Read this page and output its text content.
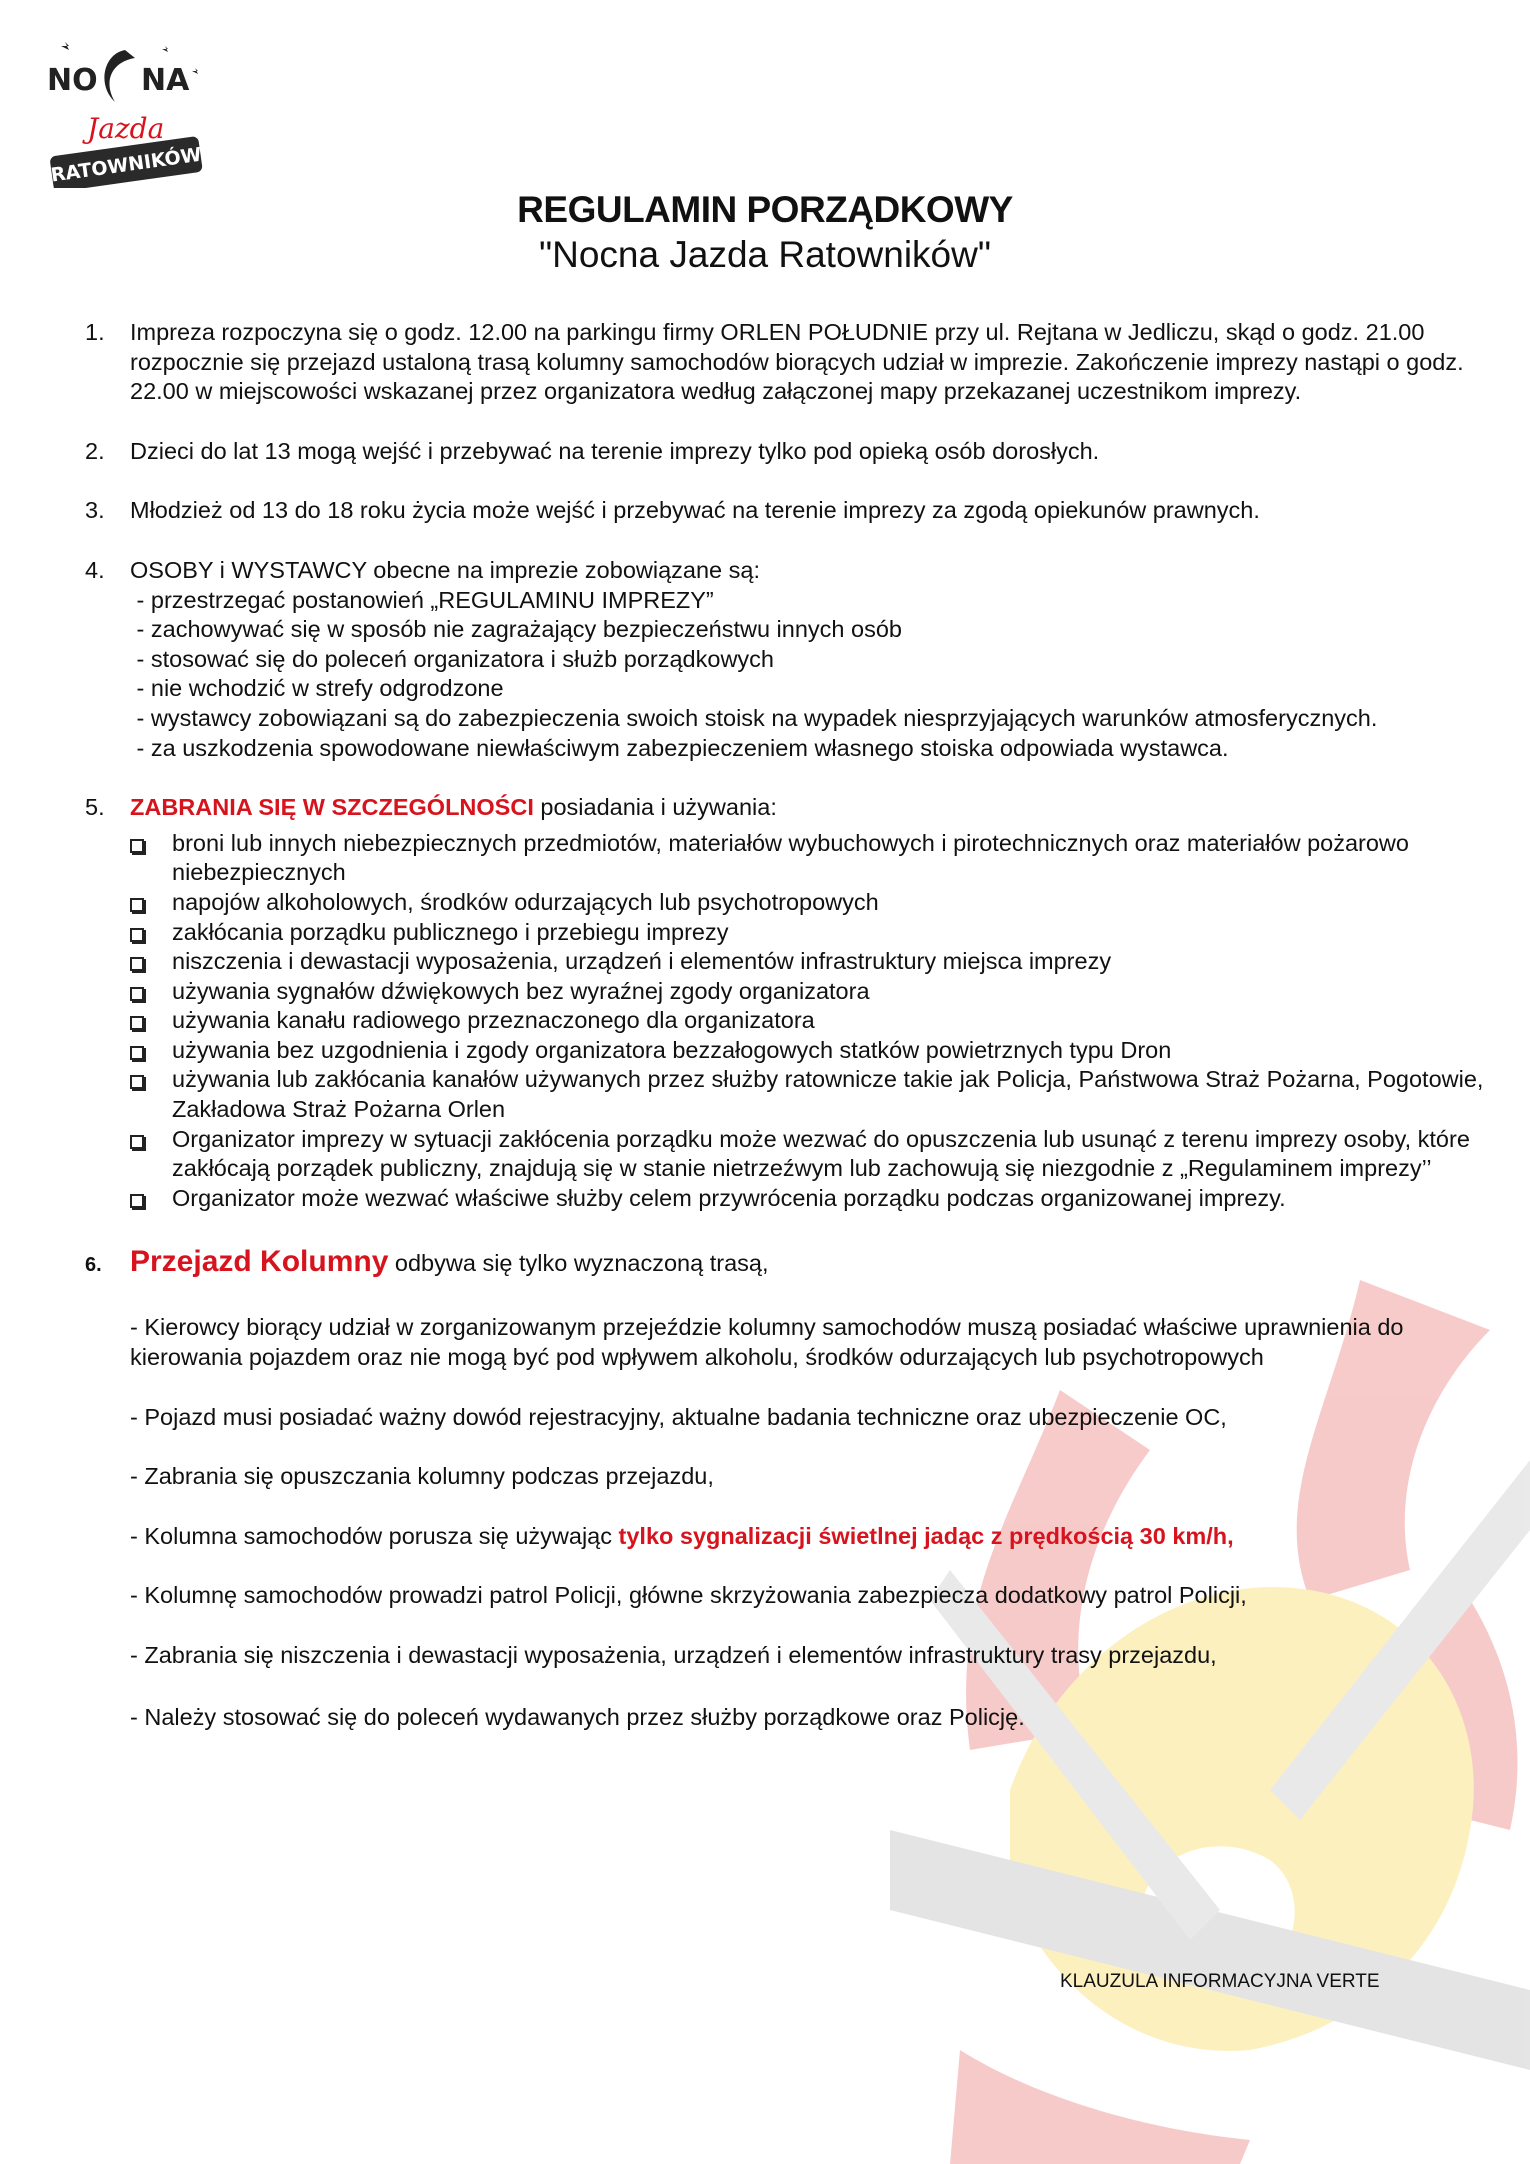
NO NA
Jazda
RATOWNIKÓW
REGULAMIN PORZĄDKOWY
"Nocna Jazda Ratowników"
1.	Impreza rozpoczyna się o godz. 12.00 na parkingu firmy ORLEN POŁUDNIE przy ul. Rejtana w Jedliczu, skąd o godz. 21.00 rozpocznie się przejazd ustaloną trasą kolumny samochodów biorących udział w imprezie. Zakończenie imprezy nastąpi o godz. 22.00 w miejscowości wskazanej przez organizatora według załączonej mapy przekazanej uczestnikom imprezy.
2.	Dzieci do lat 13 mogą wejść i przebywać na terenie imprezy tylko pod opieką osób dorosłych.
3.	Młodzież od 13 do 18 roku życia może wejść i przebywać na terenie imprezy za zgodą opiekunów prawnych.
4.	OSOBY i WYSTAWCY obecne na imprezie zobowiązane są:
- przestrzegać postanowień „REGULAMINU IMPREZY”
- zachowywać się w sposób nie zagrażający bezpieczeństwu innych osób
- stosować się do poleceń organizatora i służb porządkowych
- nie wchodzić w strefy odgrodzone
- wystawcy zobowiązani są do zabezpieczenia swoich stoisk na wypadek niesprzyjających warunków atmosferycznych.
- za uszkodzenia spowodowane niewłaściwym zabezpieczeniem własnego stoiska odpowiada wystawca.
5.	ZABRANIA SIĘ W SZCZEGÓLNOŚCI posiadania i używania:
broni lub innych niebezpiecznych przedmiotów, materiałów wybuchowych i pirotechnicznych oraz materiałów pożarowo niebezpiecznych
napojów alkoholowych, środków odurzających lub psychotropowych
zakłócania porządku publicznego i przebiegu imprezy
niszczenia i dewastacji wyposażenia, urządzeń i elementów infrastruktury miejsca imprezy
używania sygnałów dźwiękowych bez wyraźnej zgody organizatora
używania kanału radiowego przeznaczonego dla organizatora
używania bez uzgodnienia i zgody organizatora bezzałogowych statków powietrznych typu Dron
używania lub zakłócania kanałów używanych przez służby ratownicze takie jak Policja, Państwowa Straż Pożarna, Pogotowie, Zakładowa Straż Pożarna Orlen
Organizator imprezy w sytuacji zakłócenia porządku może wezwać do opuszczenia lub usunąć z terenu imprezy osoby, które zakłócają porządek publiczny, znajdują się w stanie nietrzeźwym lub zachowują się niezgodnie z „Regulaminem imprezy’’
Organizator może wezwać właściwe służby celem przywrócenia porządku podczas organizowanej imprezy.
6. Przejazd Kolumny odbywa się tylko wyznaczoną trasą,
- Kierowcy biorący udział w zorganizowanym przejeździe kolumny samochodów muszą posiadać właściwe uprawnienia do kierowania pojazdem oraz nie mogą być pod wpływem alkoholu, środków odurzających lub psychotropowych
- Pojazd musi posiadać ważny dowód rejestracyjny, aktualne badania techniczne oraz ubezpieczenie OC,
- Zabrania się opuszczania kolumny podczas przejazdu,
- Kolumna samochodów porusza się używając tylko sygnalizacji świetlnej jadąc z prędkością 30 km/h,
- Kolumnę samochodów prowadzi patrol Policji, główne skrzyżowania zabezpiecza dodatkowy patrol Policji,
- Zabrania się niszczenia i dewastacji wyposażenia, urządzeń i elementów infrastruktury trasy przejazdu,
- Należy stosować się do poleceń wydawanych przez służby porządkowe oraz Policję.
KLAUZULA INFORMACYJNA VERTE
